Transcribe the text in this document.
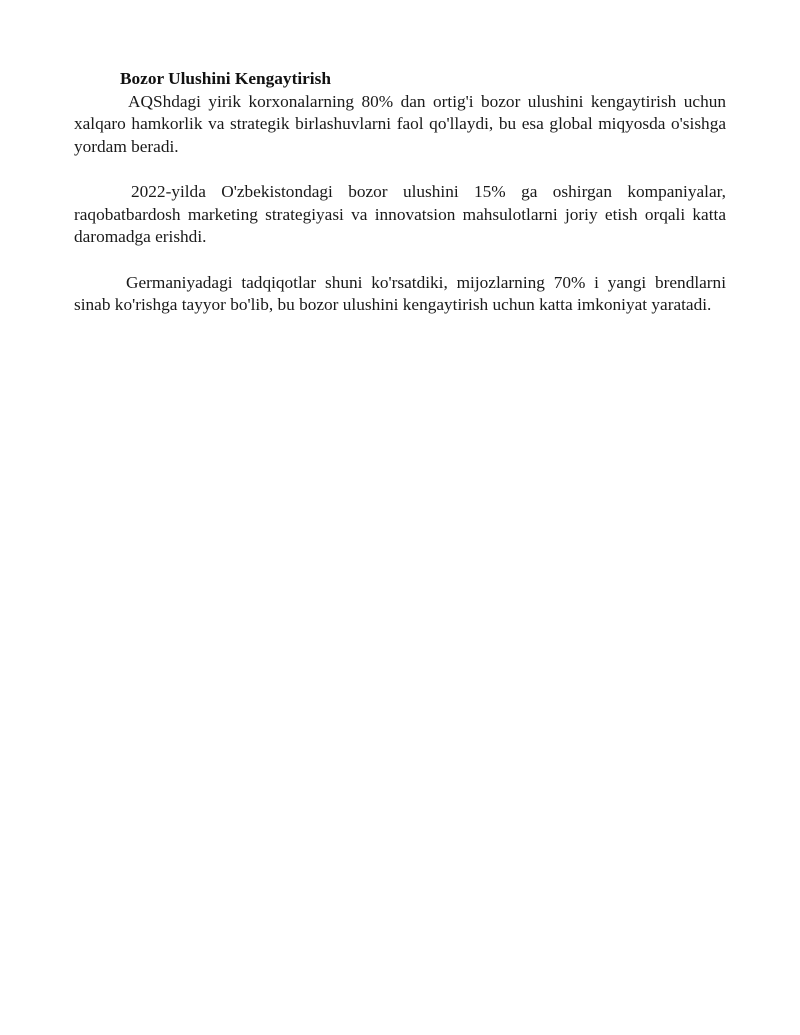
Bozor Ulushini Kengaytirish

AQShdagi yirik korxonalarning 80% dan ortig'i bozor ulushini kengaytirish uchun xalqaro hamkorlik va strategik birlashuvlarni faol qo'llaydi, bu esa global miqyosda o'sishga yordam beradi.

2022-yilda O'zbekistondagi bozor ulushini 15% ga oshirgan kompaniyalar, raqobatbardosh marketing strategiyasi va innovatsion mahsulotlarni joriy etish orqali katta daromadga erishdi.

Germaniyadagi tadqiqotlar shuni ko'rsatdiki, mijozlarning 70% i yangi brendlarni sinab ko'rishga tayyor bo'lib, bu bozor ulushini kengaytirish uchun katta imkoniyat yaratadi.
